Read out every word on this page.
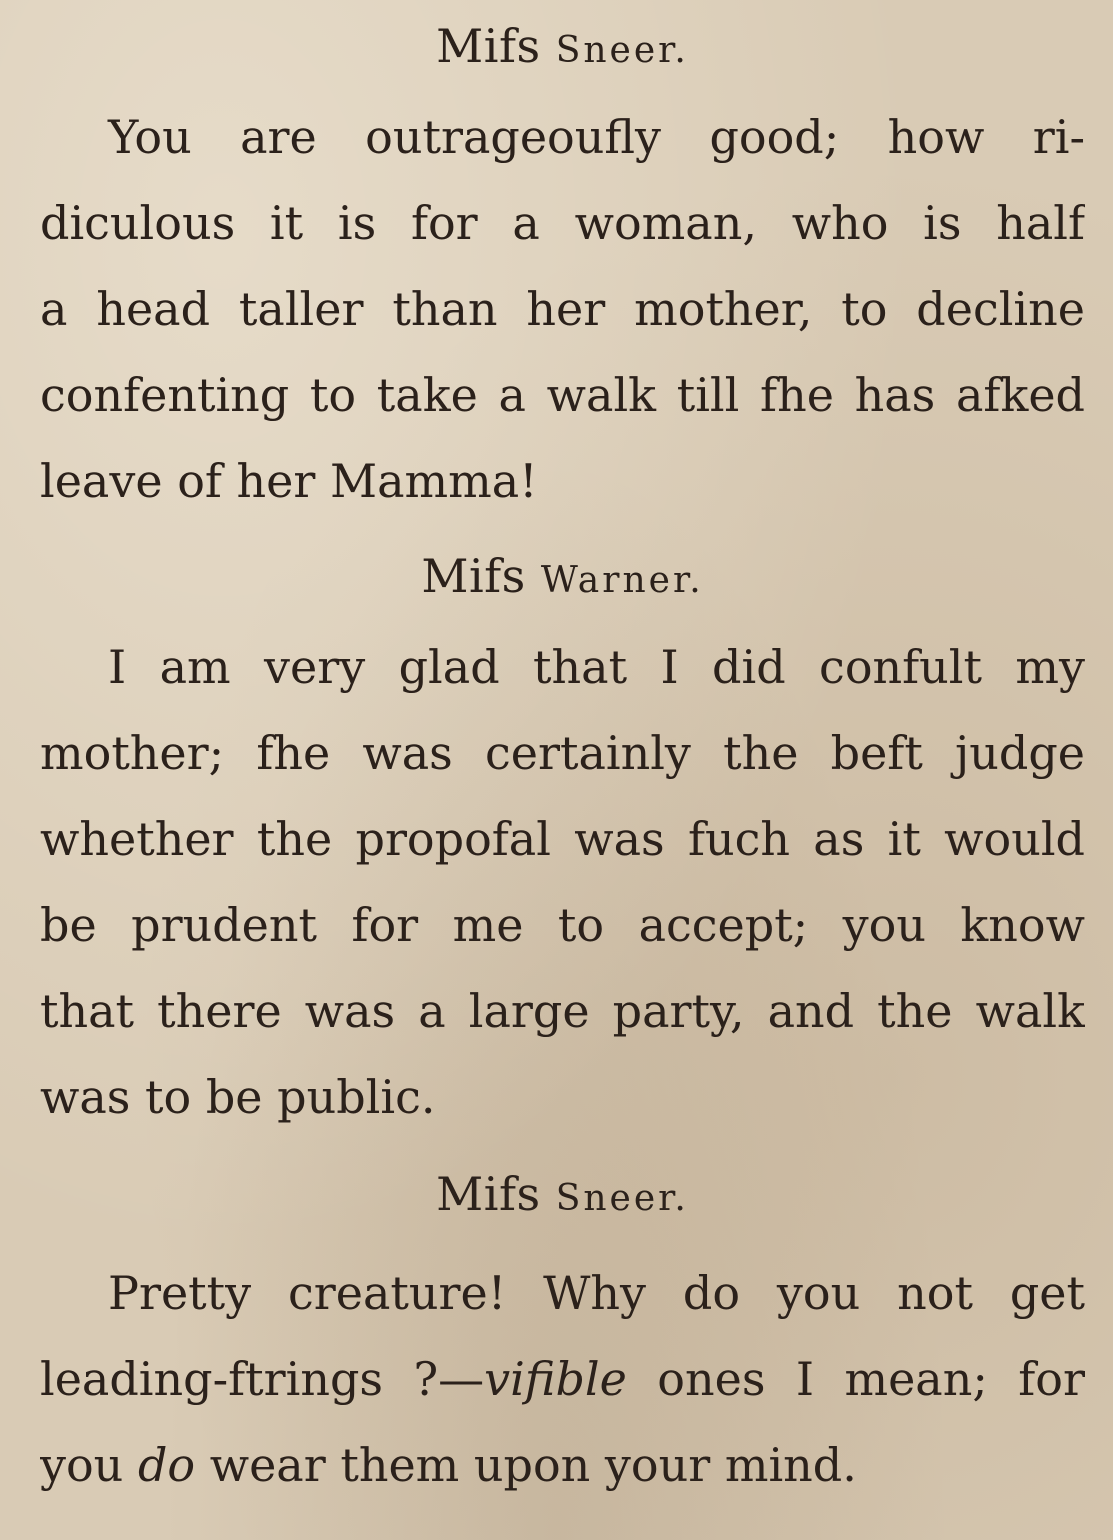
Mifs Sneer.
You are outrageoufly good; how ri-
diculous it is for a woman, who is half
a head taller than her mother, to decline
confenting to take a walk till fhe has afked
leave of her Mamma!
Mifs Warner.
I am very glad that I did confult my
mother; fhe was certainly the beft judge
whether the propofal was fuch as it would
be prudent for me to accept; you know
that there was a large party, and the walk
was to be public.
Mifs Sneer.
Pretty creature! Why do you not get
leading-ftrings ?—vifible ones I mean; for
you do wear them upon your mind.
